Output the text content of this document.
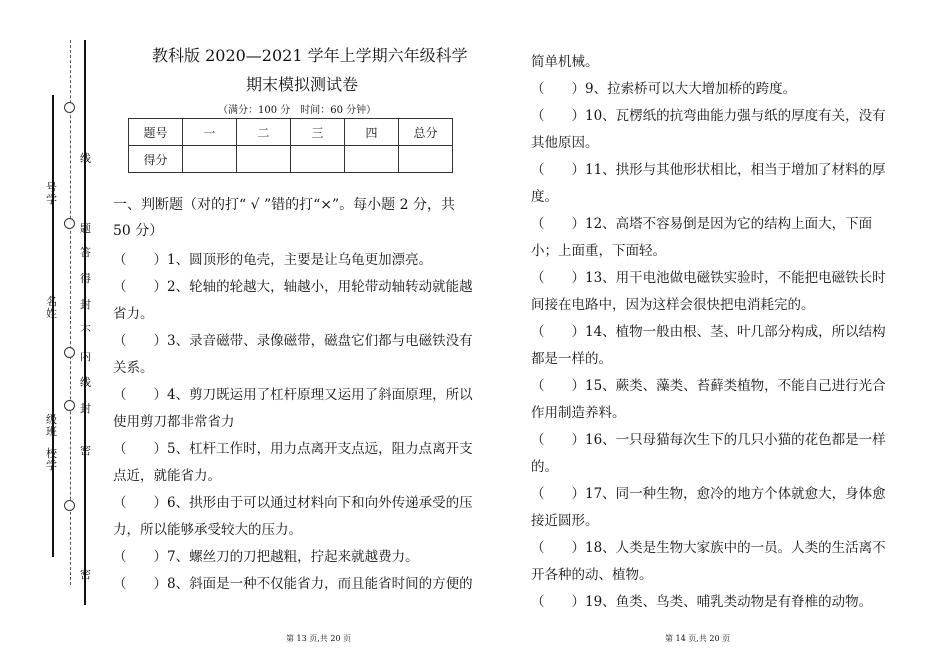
号
学
名
姓
级
班
校
学
线
题
答
得
封
不
内
线
封
密
密
教科版 2020—2021 学年上学期六年级科学
期末模拟测试卷
（满分：100 分　时间：60 分钟）
题号	一	二	三	四	总分
得分					
一、判断题（对的打“ √ ”错的打“×”。每小题 2 分，共
50 分）
（　　）1、圆顶形的龟壳，主要是让乌龟更加漂亮。
（　　）2、轮轴的轮越大，轴越小，用轮带动轴转动就能越
省力。
（　　）3、录音磁带、录像磁带，磁盘它们都与电磁铁没有
关系。
（　　）4、剪刀既运用了杠杆原理又运用了斜面原理，所以
使用剪刀都非常省力
（　　）5、杠杆工作时，用力点离开支点远，阻力点离开支
点近，就能省力。
（　　）6、拱形由于可以通过材料向下和向外传递承受的压
力，所以能够承受较大的压力。
（　　）7、螺丝刀的刀把越粗，拧起来就越费力。
（　　）8、斜面是一种不仅能省力，而且能省时间的方便的
简单机械。
（　　）9、拉索桥可以大大增加桥的跨度。
（　　）10、瓦楞纸的抗弯曲能力强与纸的厚度有关，没有
其他原因。
（　　）11、拱形与其他形状相比，相当于增加了材料的厚
度。
（　　）12、高塔不容易倒是因为它的结构上面大，下面
小；上面重，下面轻。
（　　）13、用干电池做电磁铁实验时，不能把电磁铁长时
间接在电路中，因为这样会很快把电消耗完的。
（　　）14、植物一般由根、茎、叶几部分构成，所以结构
都是一样的。
（　　）15、蕨类、藻类、苔藓类植物，不能自己进行光合
作用制造养料。
（　　）16、一只母猫每次生下的几只小猫的花色都是一样
的。
（　　）17、同一种生物，愈冷的地方个体就愈大，身体愈
接近圆形。
（　　）18、人类是生物大家族中的一员。人类的生活离不
开各种的动、植物。
（　　）19、鱼类、鸟类、哺乳类动物是有脊椎的动物。
第 13 页,共 20 页	第 14 页,共 20 页
